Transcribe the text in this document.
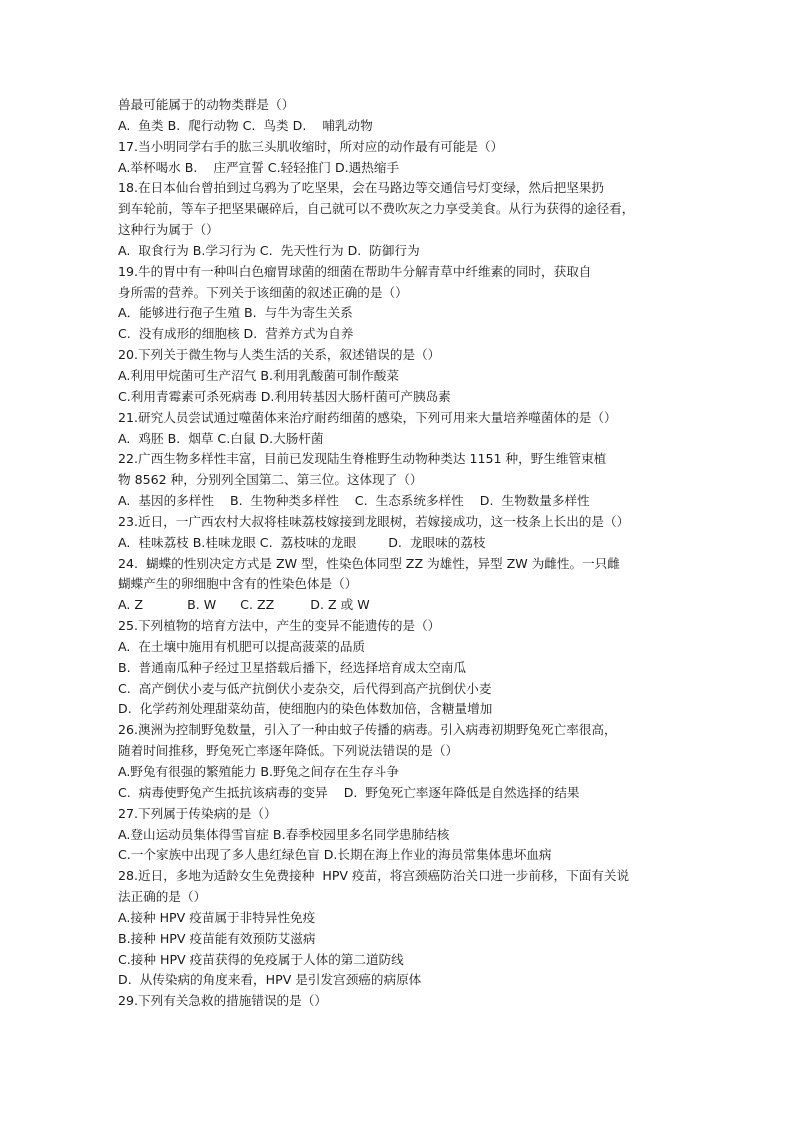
兽最可能属于的动物类群是（）
A.  鱼类 B.  爬行动物 C.  鸟类 D.    哺乳动物
17.当小明同学右手的肱三头肌收缩时，所对应的动作最有可能是（）
A.举杯喝水 B.    庄严宣誓 C.轻轻推门 D.遇热缩手
18.在日本仙台曾拍到过乌鸦为了吃坚果，会在马路边等交通信号灯变绿，然后把坚果扔
到车轮前，等车子把坚果碾碎后，自己就可以不费吹灰之力享受美食。从行为获得的途径看，
这种行为属于（）
A.  取食行为 B.学习行为 C.  先天性行为 D.  防御行为
19.牛的胃中有一种叫白色瘤胃球菌的细菌在帮助牛分解青草中纤维素的同时，获取自
身所需的营养。下列关于该细菌的叙述正确的是（）
A．能够进行孢子生殖 B.  与牛为寄生关系
C.  没有成形的细胞核 D.  营养方式为自养
20.下列关于微生物与人类生活的关系，叙述错误的是（）
A.利用甲烷菌可生产沼气 B.利用乳酸菌可制作酸菜
C.利用青霉素可杀死病毒 D.利用转基因大肠杆菌可产胰岛素
21.研究人员尝试通过噬菌体来治疗耐药细菌的感染，下列可用来大量培养噬菌体的是（）
A.  鸡胚 B.  烟草 C.白鼠 D.大肠杆菌
22.广西生物多样性丰富，目前已发现陆生脊椎野生动物种类达 1151 种，野生维管束植
物 8562 种，分别列全国第二、第三位。这体现了（）
A.  基因的多样性    B.  生物种类多样性    C.  生态系统多样性    D.  生物数量多样性
23.近日，一广西农村大叔将桂味荔枝嫁接到龙眼树，若嫁接成功，这一枝条上长出的是（）
A.  桂味荔枝 B.桂味龙眼 C.  荔枝味的龙眼        D.  龙眼味的荔枝
24.  蝴蝶的性别决定方式是 ZW 型，性染色体同型 ZZ 为雄性，异型 ZW 为雌性。一只雌
蝴蝶产生的卵细胞中含有的性染色体是（）
A. Z           B. W      C. ZZ         D. Z 或 W
25.下列植物的培育方法中，产生的变异不能遗传的是（）
A.  在土壤中施用有机肥可以提高菠菜的品质
B.  普通南瓜种子经过卫星搭载后播下，经选择培育成太空南瓜
C.  高产倒伏小麦与低产抗倒伏小麦杂交，后代得到高产抗倒伏小麦
D.  化学药剂处理甜菜幼苗，使细胞内的染色体数加倍，含糖量增加
26.澳洲为控制野兔数量，引入了一种由蚊子传播的病毒。引入病毒初期野兔死亡率很高，
随着时间推移，野兔死亡率逐年降低。下列说法错误的是（）
A.野兔有很强的繁殖能力 B.野兔之间存在生存斗争
C.  病毒使野兔产生抵抗该病毒的变异    D.  野兔死亡率逐年降低是自然选择的结果
27.下列属于传染病的是（）
A.登山运动员集体得雪盲症 B.春季校园里多名同学患肺结核
C.一个家族中出现了多人患红绿色盲 D.长期在海上作业的海员常集体患坏血病
28.近日，多地为适龄女生免费接种  HPV 疫苗，将宫颈癌防治关口进一步前移，下面有关说
法正确的是（）
A.接种 HPV 疫苗属于非特异性免疫
B.接种 HPV 疫苗能有效预防艾滋病
C.接种 HPV 疫苗获得的免疫属于人体的第二道防线
D.  从传染病的角度来看，HPV 是引发宫颈癌的病原体
29.下列有关急救的措施错误的是（）
